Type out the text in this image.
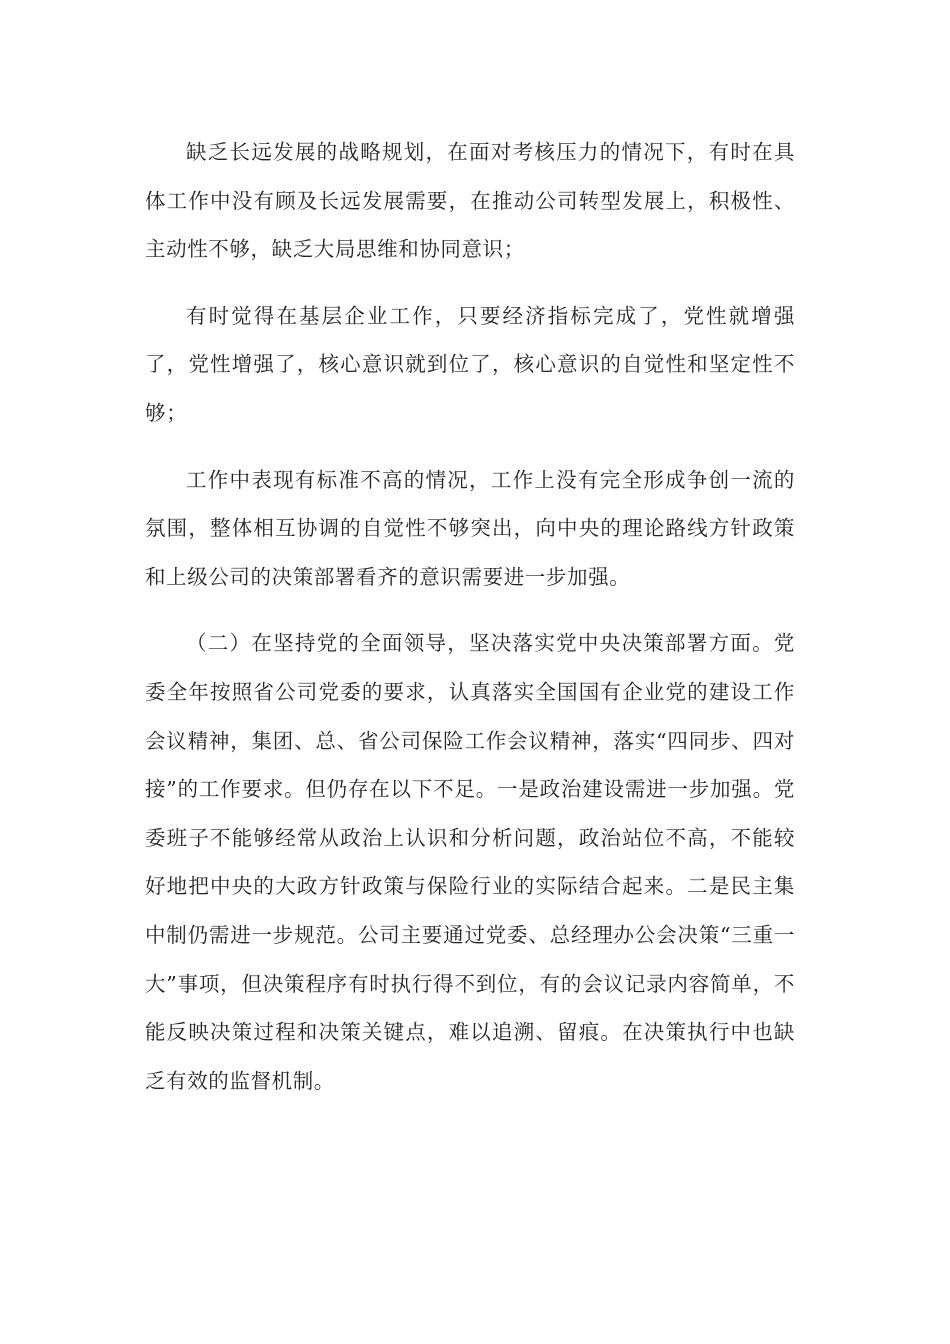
缺乏长远发展的战略规划，在面对考核压力的情况下，有时在具体工作中没有顾及长远发展需要，在推动公司转型发展上，积极性、主动性不够，缺乏大局思维和协同意识；

有时觉得在基层企业工作，只要经济指标完成了，党性就增强了，党性增强了，核心意识就到位了，核心意识的自觉性和坚定性不够；

工作中表现有标准不高的情况，工作上没有完全形成争创一流的氛围，整体相互协调的自觉性不够突出，向中央的理论路线方针政策和上级公司的决策部署看齐的意识需要进一步加强。

（二）在坚持党的全面领导，坚决落实党中央决策部署方面。党委全年按照省公司党委的要求，认真落实全国国有企业党的建设工作会议精神，集团、总、省公司保险工作会议精神，落实“四同步、四对接”的工作要求。但仍存在以下不足。一是政治建设需进一步加强。党委班子不能够经常从政治上认识和分析问题，政治站位不高，不能较好地把中央的大政方针政策与保险行业的实际结合起来。二是民主集中制仍需进一步规范。公司主要通过党委、总经理办公会决策“三重一大”事项，但决策程序有时执行得不到位，有的会议记录内容简单，不能反映决策过程和决策关键点，难以追溯、留痕。在决策执行中也缺乏有效的监督机制。
